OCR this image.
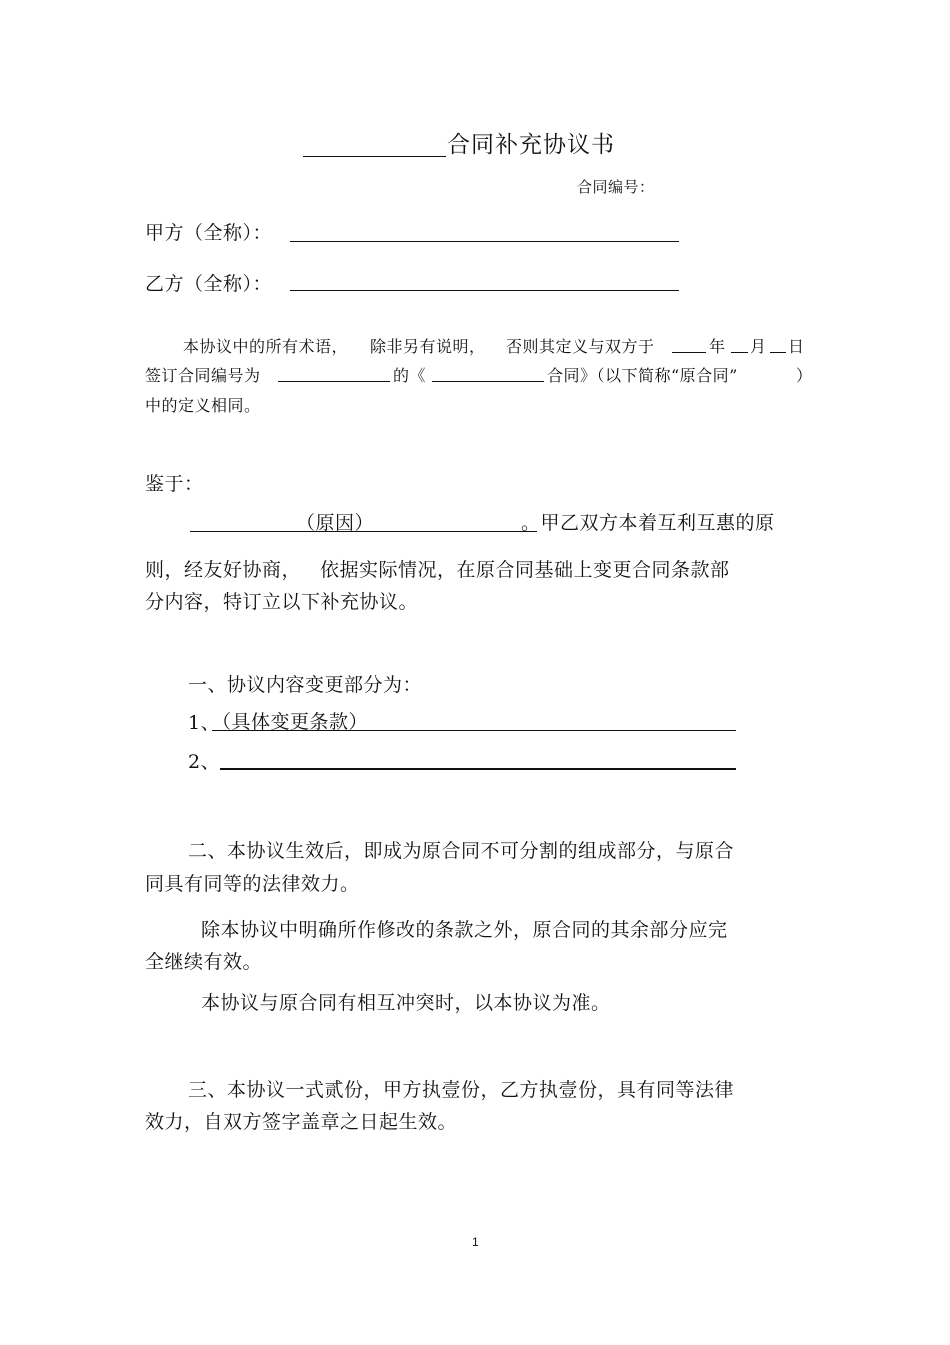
合同补充协议书
合同编号：
甲方（全称）：
乙方（全称）：
本协议中的所有术语， 除非另有说明， 否则其定义与双方于	年 月 日
签订合同编号为	的《	合同》（以下简称“原合同”	）
中的定义相同。
鉴于：
（原因）	。甲乙双方本着互利互惠的原
则，经友好协商， 依据实际情况，在原合同基础上变更合同条款部
分内容，特订立以下补充协议。
一、协议内容变更部分为：
1、
（具体变更条款）
2、
二、本协议生效后，即成为原合同不可分割的组成部分，与原合
同具有同等的法律效力。
除本协议中明确所作修改的条款之外，原合同的其余部分应完
全继续有效。
本协议与原合同有相互冲突时，以本协议为准。
三、本协议一式贰份，甲方执壹份，乙方执壹份，具有同等法律
效力，自双方签字盖章之日起生效。
1
